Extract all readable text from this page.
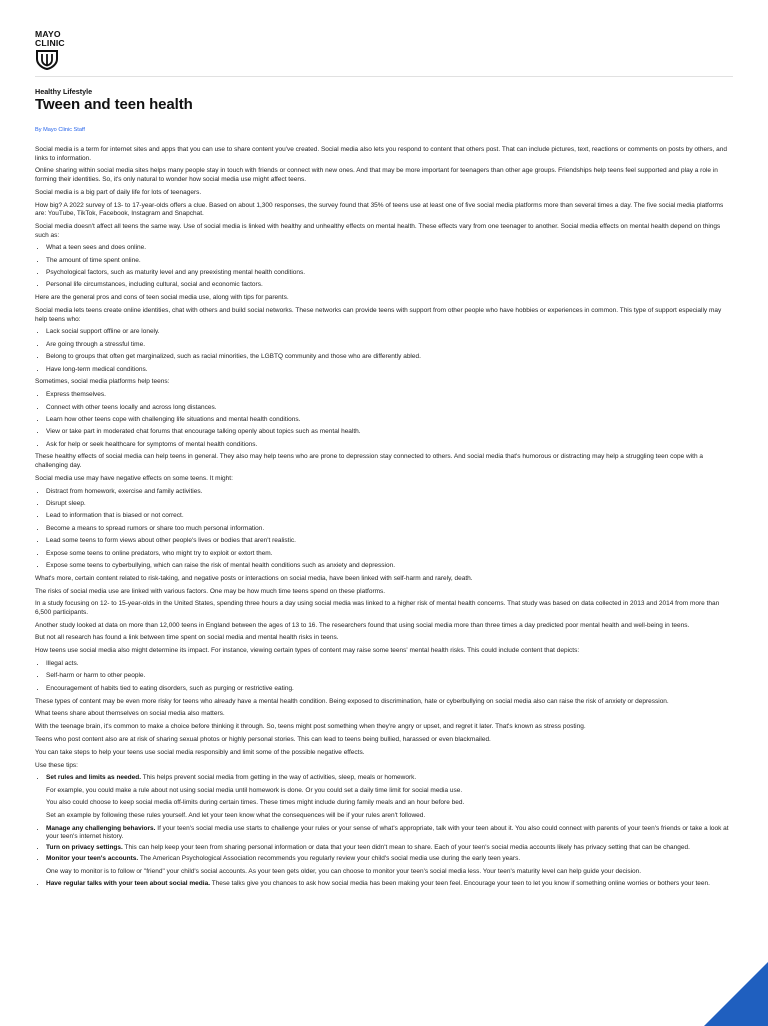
MAYO
CLINIC
Healthy Lifestyle
Tween and teen health
By Mayo Clinic Staff

Social media is a term for internet sites and apps that you can use to share content you've created. Social media also lets you respond to content that others post. That can include pictures, text, reactions or comments on posts by others, and links to information.

Online sharing within social media sites helps many people stay in touch with friends or connect with new ones. And that may be more important for teenagers than other age groups. Friendships help teens feel supported and play a role in forming their identities. So, it's only natural to wonder how social media use might affect teens.

Social media is a big part of daily life for lots of teenagers.

How big? A 2022 survey of 13- to 17-year-olds offers a clue. Based on about 1,300 responses, the survey found that 35% of teens use at least one of five social media platforms more than several times a day. The five social media platforms are: YouTube, TikTok, Facebook, Instagram and Snapchat.

Social media doesn't affect all teens the same way. Use of social media is linked with healthy and unhealthy effects on mental health. These effects vary from one teenager to another. Social media effects on mental health depend on things such as:

• What a teen sees and does online.
• The amount of time spent online.
• Psychological factors, such as maturity level and any preexisting mental health conditions.
• Personal life circumstances, including cultural, social and economic factors.

Here are the general pros and cons of teen social media use, along with tips for parents.

Social media lets teens create online identities, chat with others and build social networks. These networks can provide teens with support from other people who have hobbies or experiences in common. This type of support especially may help teens who:

• Lack social support offline or are lonely.
• Are going through a stressful time.
• Belong to groups that often get marginalized, such as racial minorities, the LGBTQ community and those who are differently abled.
• Have long-term medical conditions.

Sometimes, social media platforms help teens:

• Express themselves.
• Connect with other teens locally and across long distances.
• Learn how other teens cope with challenging life situations and mental health conditions.
• View or take part in moderated chat forums that encourage talking openly about topics such as mental health.
• Ask for help or seek healthcare for symptoms of mental health conditions.

These healthy effects of social media can help teens in general. They also may help teens who are prone to depression stay connected to others. And social media that's humorous or distracting may help a struggling teen cope with a challenging day.

Social media use may have negative effects on some teens. It might:

• Distract from homework, exercise and family activities.
• Disrupt sleep.
• Lead to information that is biased or not correct.
• Become a means to spread rumors or share too much personal information.
• Lead some teens to form views about other people's lives or bodies that aren't realistic.
• Expose some teens to online predators, who might try to exploit or extort them.
• Expose some teens to cyberbullying, which can raise the risk of mental health conditions such as anxiety and depression.

What's more, certain content related to risk-taking, and negative posts or interactions on social media, have been linked with self-harm and rarely, death.

The risks of social media use are linked with various factors. One may be how much time teens spend on these platforms.

In a study focusing on 12- to 15-year-olds in the United States, spending three hours a day using social media was linked to a higher risk of mental health concerns. That study was based on data collected in 2013 and 2014 from more than 6,500 participants.

Another study looked at data on more than 12,000 teens in England between the ages of 13 to 16. The researchers found that using social media more than three times a day predicted poor mental health and well-being in teens.

But not all research has found a link between time spent on social media and mental health risks in teens.

How teens use social media also might determine its impact. For instance, viewing certain types of content may raise some teens' mental health risks. This could include content that depicts:

• Illegal acts.
• Self-harm or harm to other people.
• Encouragement of habits tied to eating disorders, such as purging or restrictive eating.

These types of content may be even more risky for teens who already have a mental health condition. Being exposed to discrimination, hate or cyberbullying on social media also can raise the risk of anxiety or depression.

What teens share about themselves on social media also matters.

With the teenage brain, it's common to make a choice before thinking it through. So, teens might post something when they're angry or upset, and regret it later. That's known as stress posting.

Teens who post content also are at risk of sharing sexual photos or highly personal stories. This can lead to teens being bullied, harassed or even blackmailed.

You can take steps to help your teens use social media responsibly and limit some of the possible negative effects.

Use these tips:

• Set rules and limits as needed. This helps prevent social media from getting in the way of activities, sleep, meals or homework.

For example, you could make a rule about not using social media until homework is done. Or you could set a daily time limit for social media use.

You also could choose to keep social media off-limits during certain times. These times might include during family meals and an hour before bed.

Set an example by following these rules yourself. And let your teen know what the consequences will be if your rules aren't followed.

• Manage any challenging behaviors. If your teen's social media use starts to challenge your rules or your sense of what's appropriate, talk with your teen about it. You also could connect with parents of your teen's friends or take a look at your teen's internet history.
• Turn on privacy settings. This can help keep your teen from sharing personal information or data that your teen didn't mean to share. Each of your teen's social media accounts likely has privacy setting that can be changed.
• Monitor your teen's accounts. The American Psychological Association recommends you regularly review your child's social media use during the early teen years.

One way to monitor is to follow or "friend" your child's social accounts. As your teen gets older, you can choose to monitor your teen's social media less. Your teen's maturity level can help guide your decision.

• Have regular talks with your teen about social media. These talks give you chances to ask how social media has been making your teen feel. Encourage your teen to let you know if something online worries or bothers your teen.
Feedback
